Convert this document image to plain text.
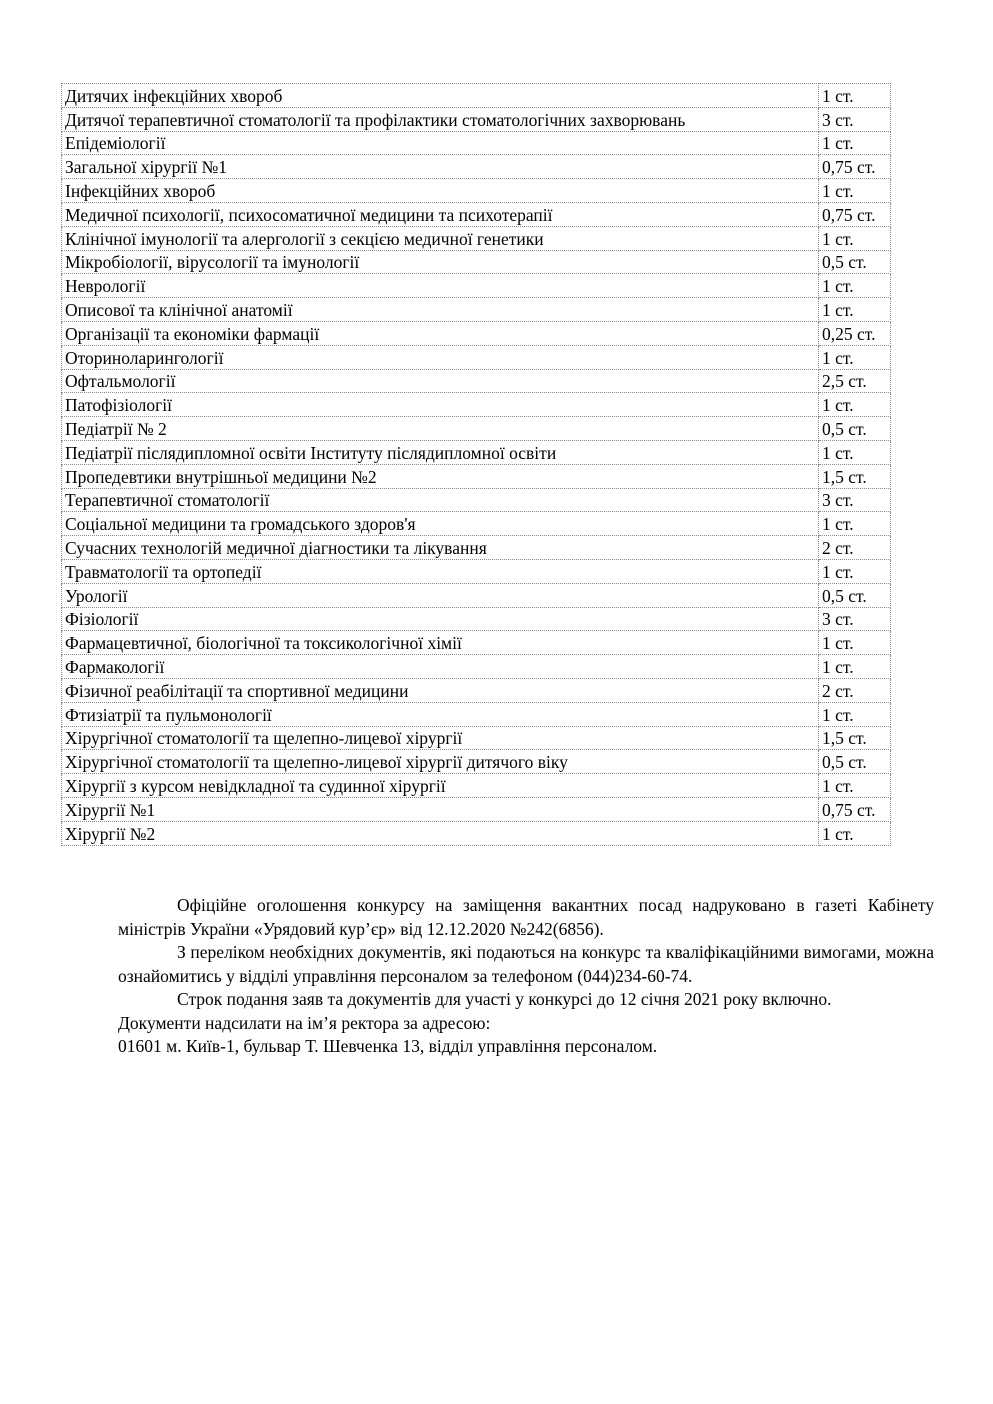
Дитячих інфекційних хвороб	1 ст.
Дитячої терапевтичної стоматології та профілактики стоматологічних захворювань	3 ст.
Епідеміології	1 ст.
Загальної хірургії №1	0,75 ст.
Інфекційних хвороб	1 ст.
Медичної психології, психосоматичної медицини та психотерапії	0,75 ст.
Клінічної імунології та алергології з секцією медичної генетики	1 ст.
Мікробіології, вірусології та імунології	0,5 ст.
Неврології	1 ст.
Описової та клінічної анатомії	1 ст.
Організації та економіки фармації	0,25 ст.
Оториноларингології	1 ст.
Офтальмології	2,5 ст.
Патофізіології	1 ст.
Педіатрії № 2	0,5 ст.
Педіатрії післядипломної освіти Інституту післядипломної освіти	1 ст.
Пропедевтики внутрішньої медицини №2	1,5 ст.
Терапевтичної стоматології	3 ст.
Соціальної медицини та громадського здоров'я	1 ст.
Сучасних технологій медичної діагностики та лікування	2 ст.
Травматології та ортопедії	1 ст.
Урології	0,5 ст.
Фізіології	3 ст.
Фармацевтичної, біологічної та токсикологічної хімії	1 ст.
Фармакології	1 ст.
Фізичної реабілітації та спортивної медицини	2 ст.
Фтизіатрії та пульмонології	1 ст.
Хірургічної стоматології та щелепно-лицевої хірургії	1,5 ст.
Хірургічної стоматології та щелепно-лицевої хірургії дитячого віку	0,5 ст.
Хірургії з курсом невідкладної та судинної хірургії	1 ст.
Хірургії №1	0,75 ст.
Хірургії №2	1 ст.

Офіційне оголошення конкурсу на заміщення вакантних посад надруковано в газеті Кабінету міністрів України «Урядовий кур’єр» від 12.12.2020 №242(6856).

З переліком необхідних документів, які подаються на конкурс та кваліфікаційними вимогами, можна ознайомитись у відділі управління персоналом за телефоном (044)234-60-74.

Строк подання заяв та документів для участі у конкурсі до 12 січня 2021 року включно.

Документи надсилати на ім’я ректора за адресою:

01601 м. Київ-1, бульвар Т. Шевченка 13, відділ управління персоналом.
